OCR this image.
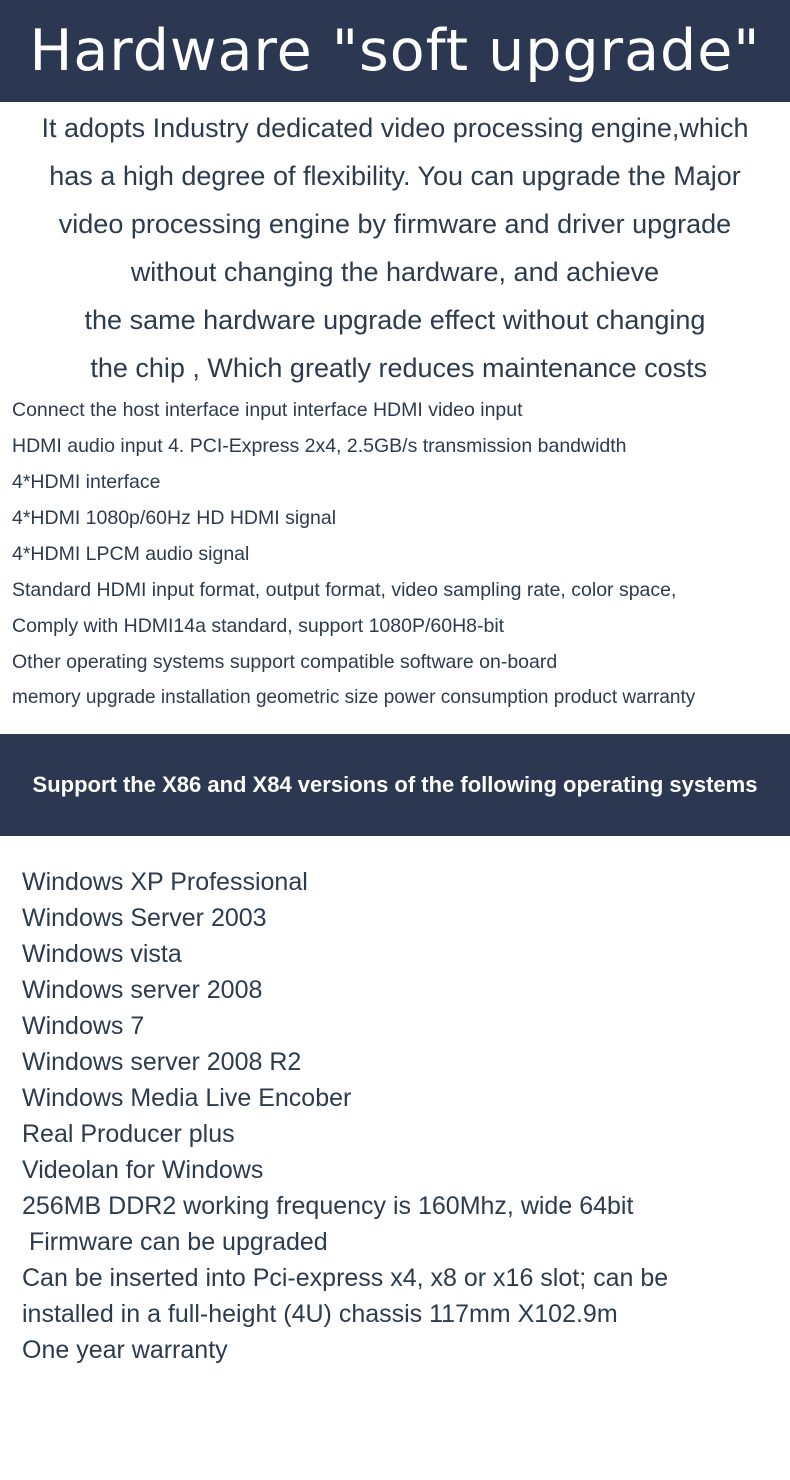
Hardware "soft upgrade"
It adopts Industry dedicated video processing engine,which
has a high degree of flexibility. You can upgrade the Major
video processing engine by firmware and driver upgrade
without changing the hardware, and achieve
the same hardware upgrade effect without changing
the chip , Which greatly reduces maintenance costs
Connect the host interface input interface HDMI video input
HDMI audio input 4. PCI-Express 2x4, 2.5GB/s transmission bandwidth
4*HDMI interface
4*HDMI 1080p/60Hz HD HDMI signal
4*HDMI LPCM audio signal
Standard HDMI input format, output format, video sampling rate, color space,
Comply with HDMI14a standard, support 1080P/60H8-bit
Other operating systems support compatible software on-board
memory upgrade installation geometric size power consumption product warranty
Support the X86 and X84 versions of the following operating systems
Windows XP Professional
Windows Server 2003
Windows vista
Windows server 2008
Windows 7
Windows server 2008 R2
Windows Media Live Encober
Real Producer plus
Videolan for Windows
256MB DDR2 working frequency is 160Mhz, wide 64bit
Firmware can be upgraded
Can be inserted into Pci-express x4, x8 or x16 slot; can be
installed in a full-height (4U) chassis 117mm X102.9m
One year warranty
